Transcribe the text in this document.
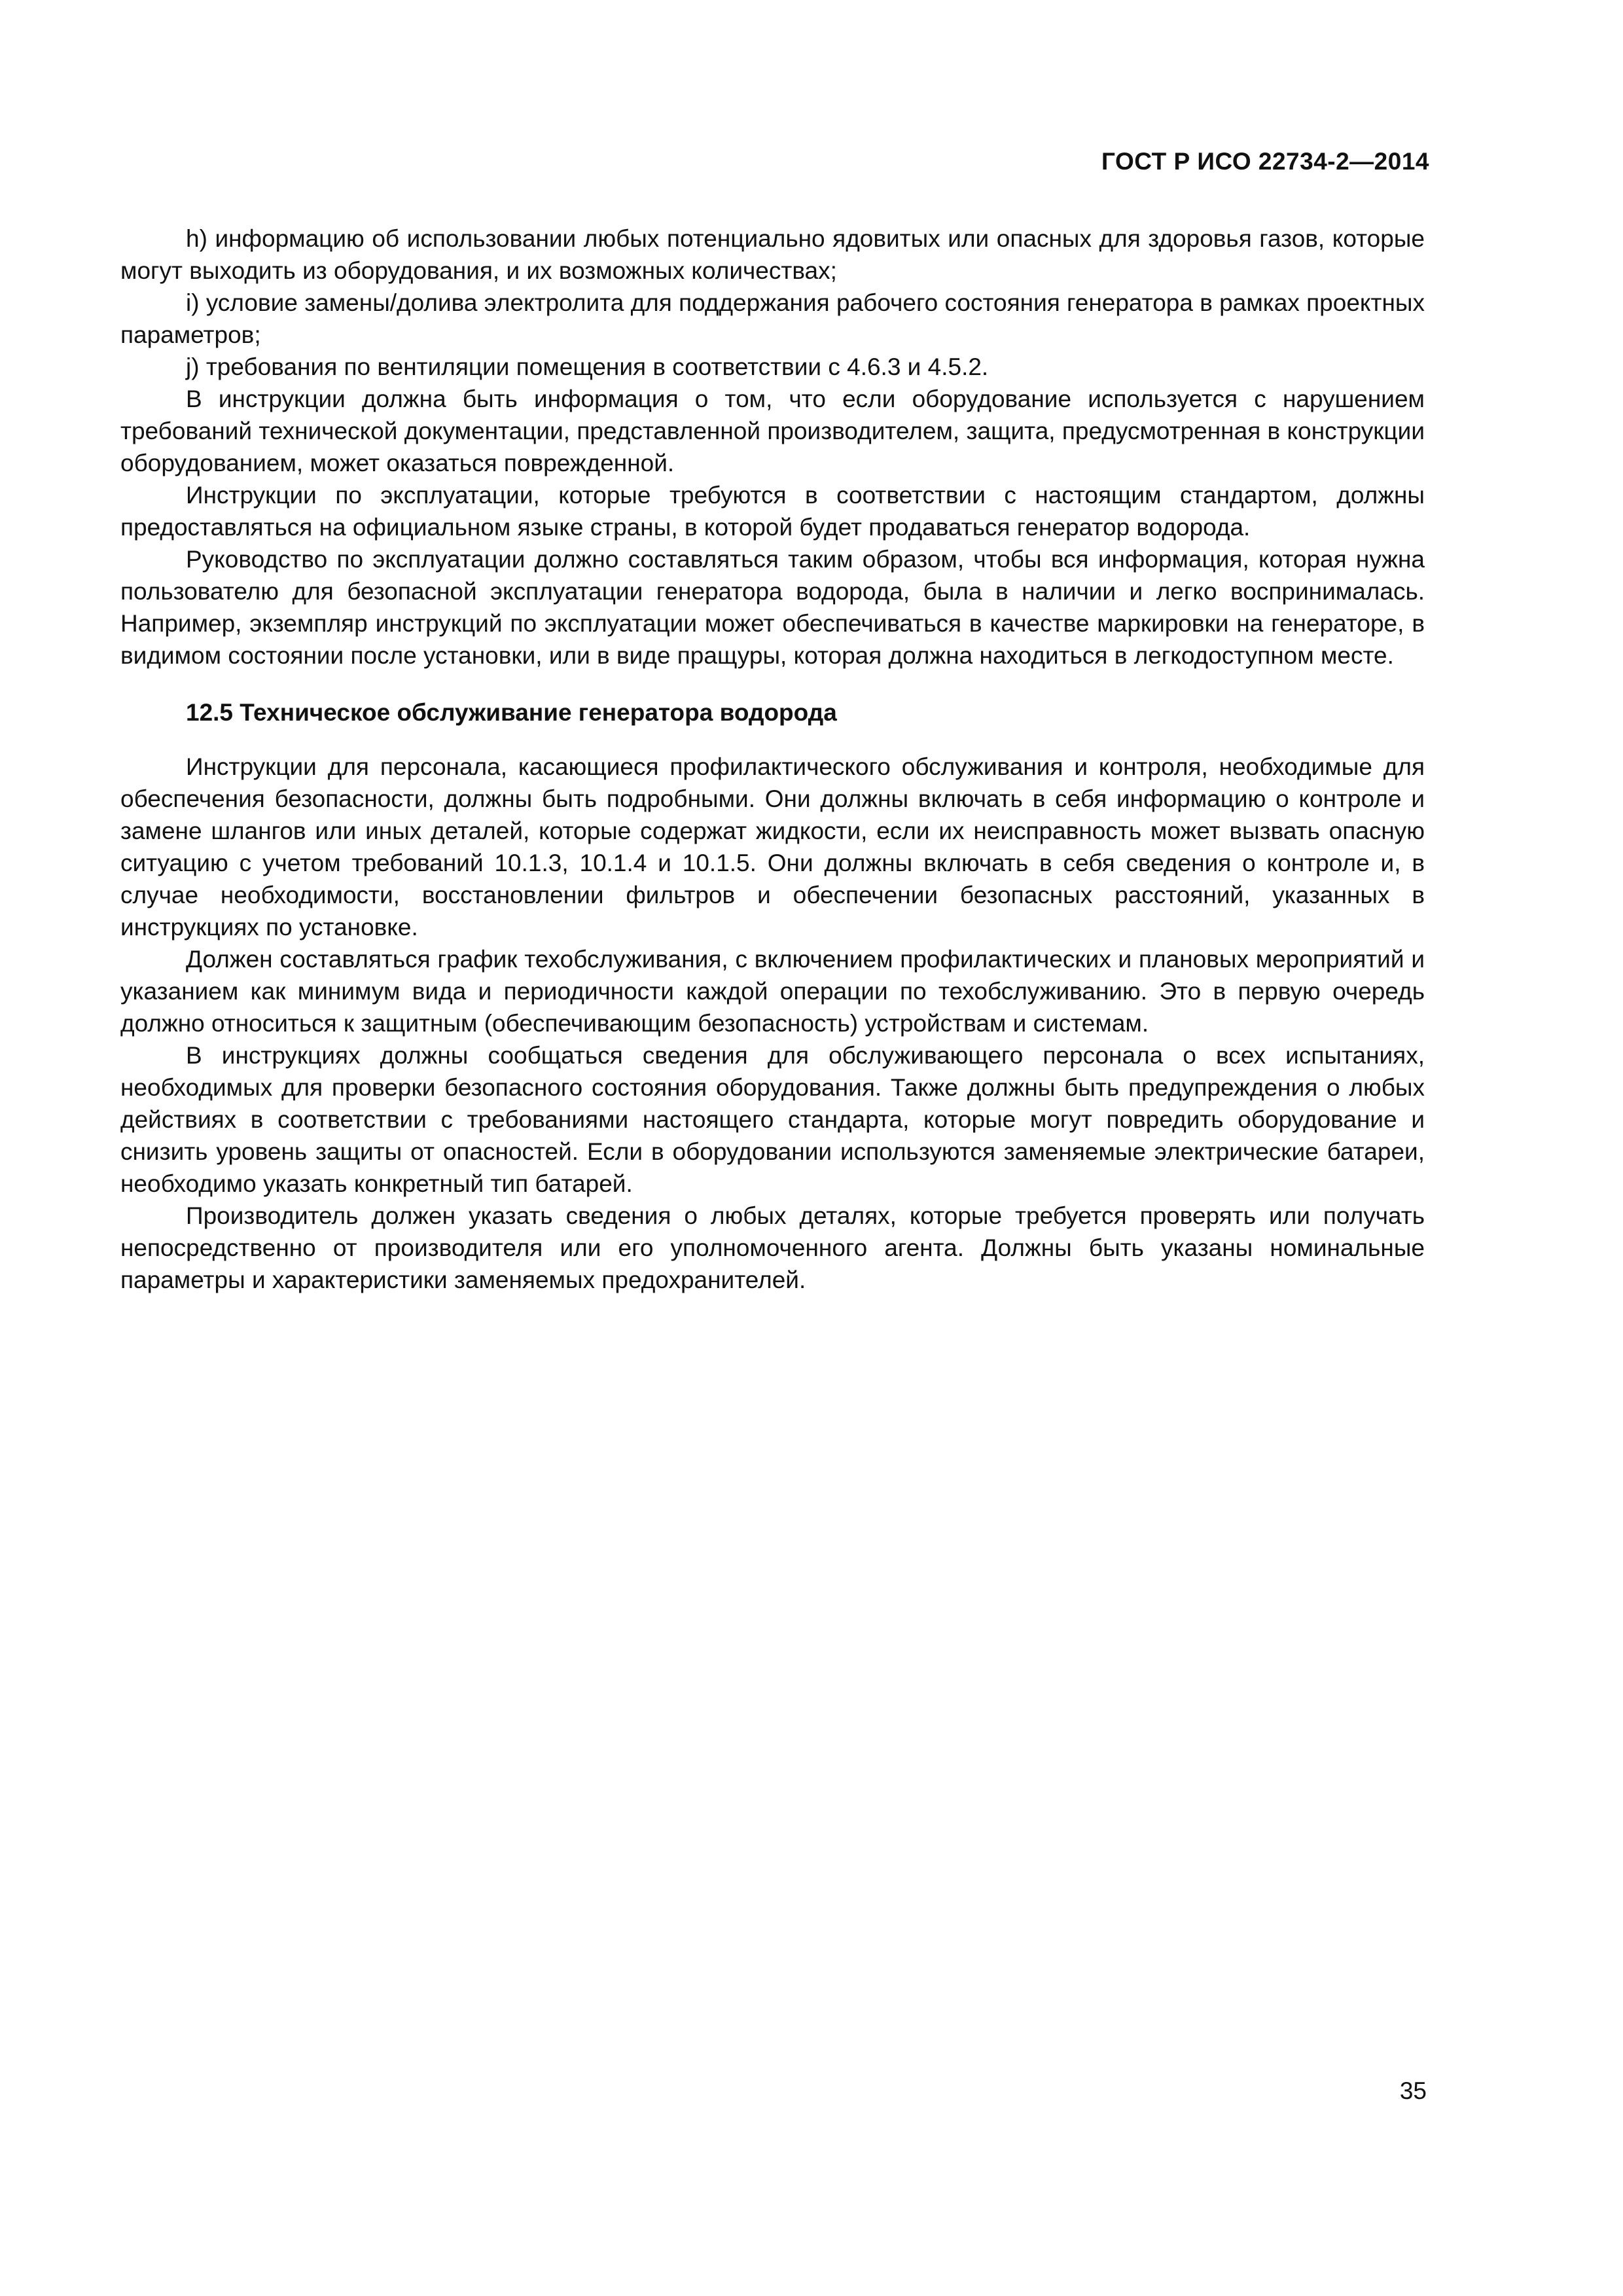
ГОСТ Р ИСО 22734-2—2014

h) информацию об использовании любых потенциально ядовитых или опасных для здоровья газов, которые могут выходить из оборудования, и их возможных количествах;

i) условие замены/долива электролита для поддержания рабочего состояния генератора в рамках проектных параметров;

j) требования по вентиляции помещения в соответствии с 4.6.3 и 4.5.2.

В инструкции должна быть информация о том, что если оборудование используется с нарушением требований технической документации, представленной производителем, защита, предусмотренная в конструкции оборудованием, может оказаться поврежденной.

Инструкции по эксплуатации, которые требуются в соответствии с настоящим стандартом, должны предоставляться на официальном языке страны, в которой будет продаваться генератор водорода.

Руководство по эксплуатации должно составляться таким образом, чтобы вся информация, которая нужна пользователю для безопасной эксплуатации генератора водорода, была в наличии и легко воспринималась. Например, экземпляр инструкций по эксплуатации может обеспечиваться в качестве маркировки на генераторе, в видимом состоянии после установки, или в виде пращуры, которая должна находиться в легкодоступном месте.

12.5 Техническое обслуживание генератора водорода

Инструкции для персонала, касающиеся профилактического обслуживания и контроля, необходимые для обеспечения безопасности, должны быть подробными. Они должны включать в себя информацию о контроле и замене шлангов или иных деталей, которые содержат жидкости, если их неисправность может вызвать опасную ситуацию с учетом требований 10.1.3, 10.1.4 и 10.1.5. Они должны включать в себя сведения о контроле и, в случае необходимости, восстановлении фильтров и обеспечении безопасных расстояний, указанных в инструкциях по установке.

Должен составляться график техобслуживания, с включением профилактических и плановых мероприятий и указанием как минимум вида и периодичности каждой операции по техобслуживанию. Это в первую очередь должно относиться к защитным (обеспечивающим безопасность) устройствам и системам.

В инструкциях должны сообщаться сведения для обслуживающего персонала о всех испытаниях, необходимых для проверки безопасного состояния оборудования. Также должны быть предупреждения о любых действиях в соответствии с требованиями настоящего стандарта, которые могут повредить оборудование и снизить уровень защиты от опасностей. Если в оборудовании используются заменяемые электрические батареи, необходимо указать конкретный тип батарей.

Производитель должен указать сведения о любых деталях, которые требуется проверять или получать непосредственно от производителя или его уполномоченного агента. Должны быть указаны номинальные параметры и характеристики заменяемых предохранителей.

35
